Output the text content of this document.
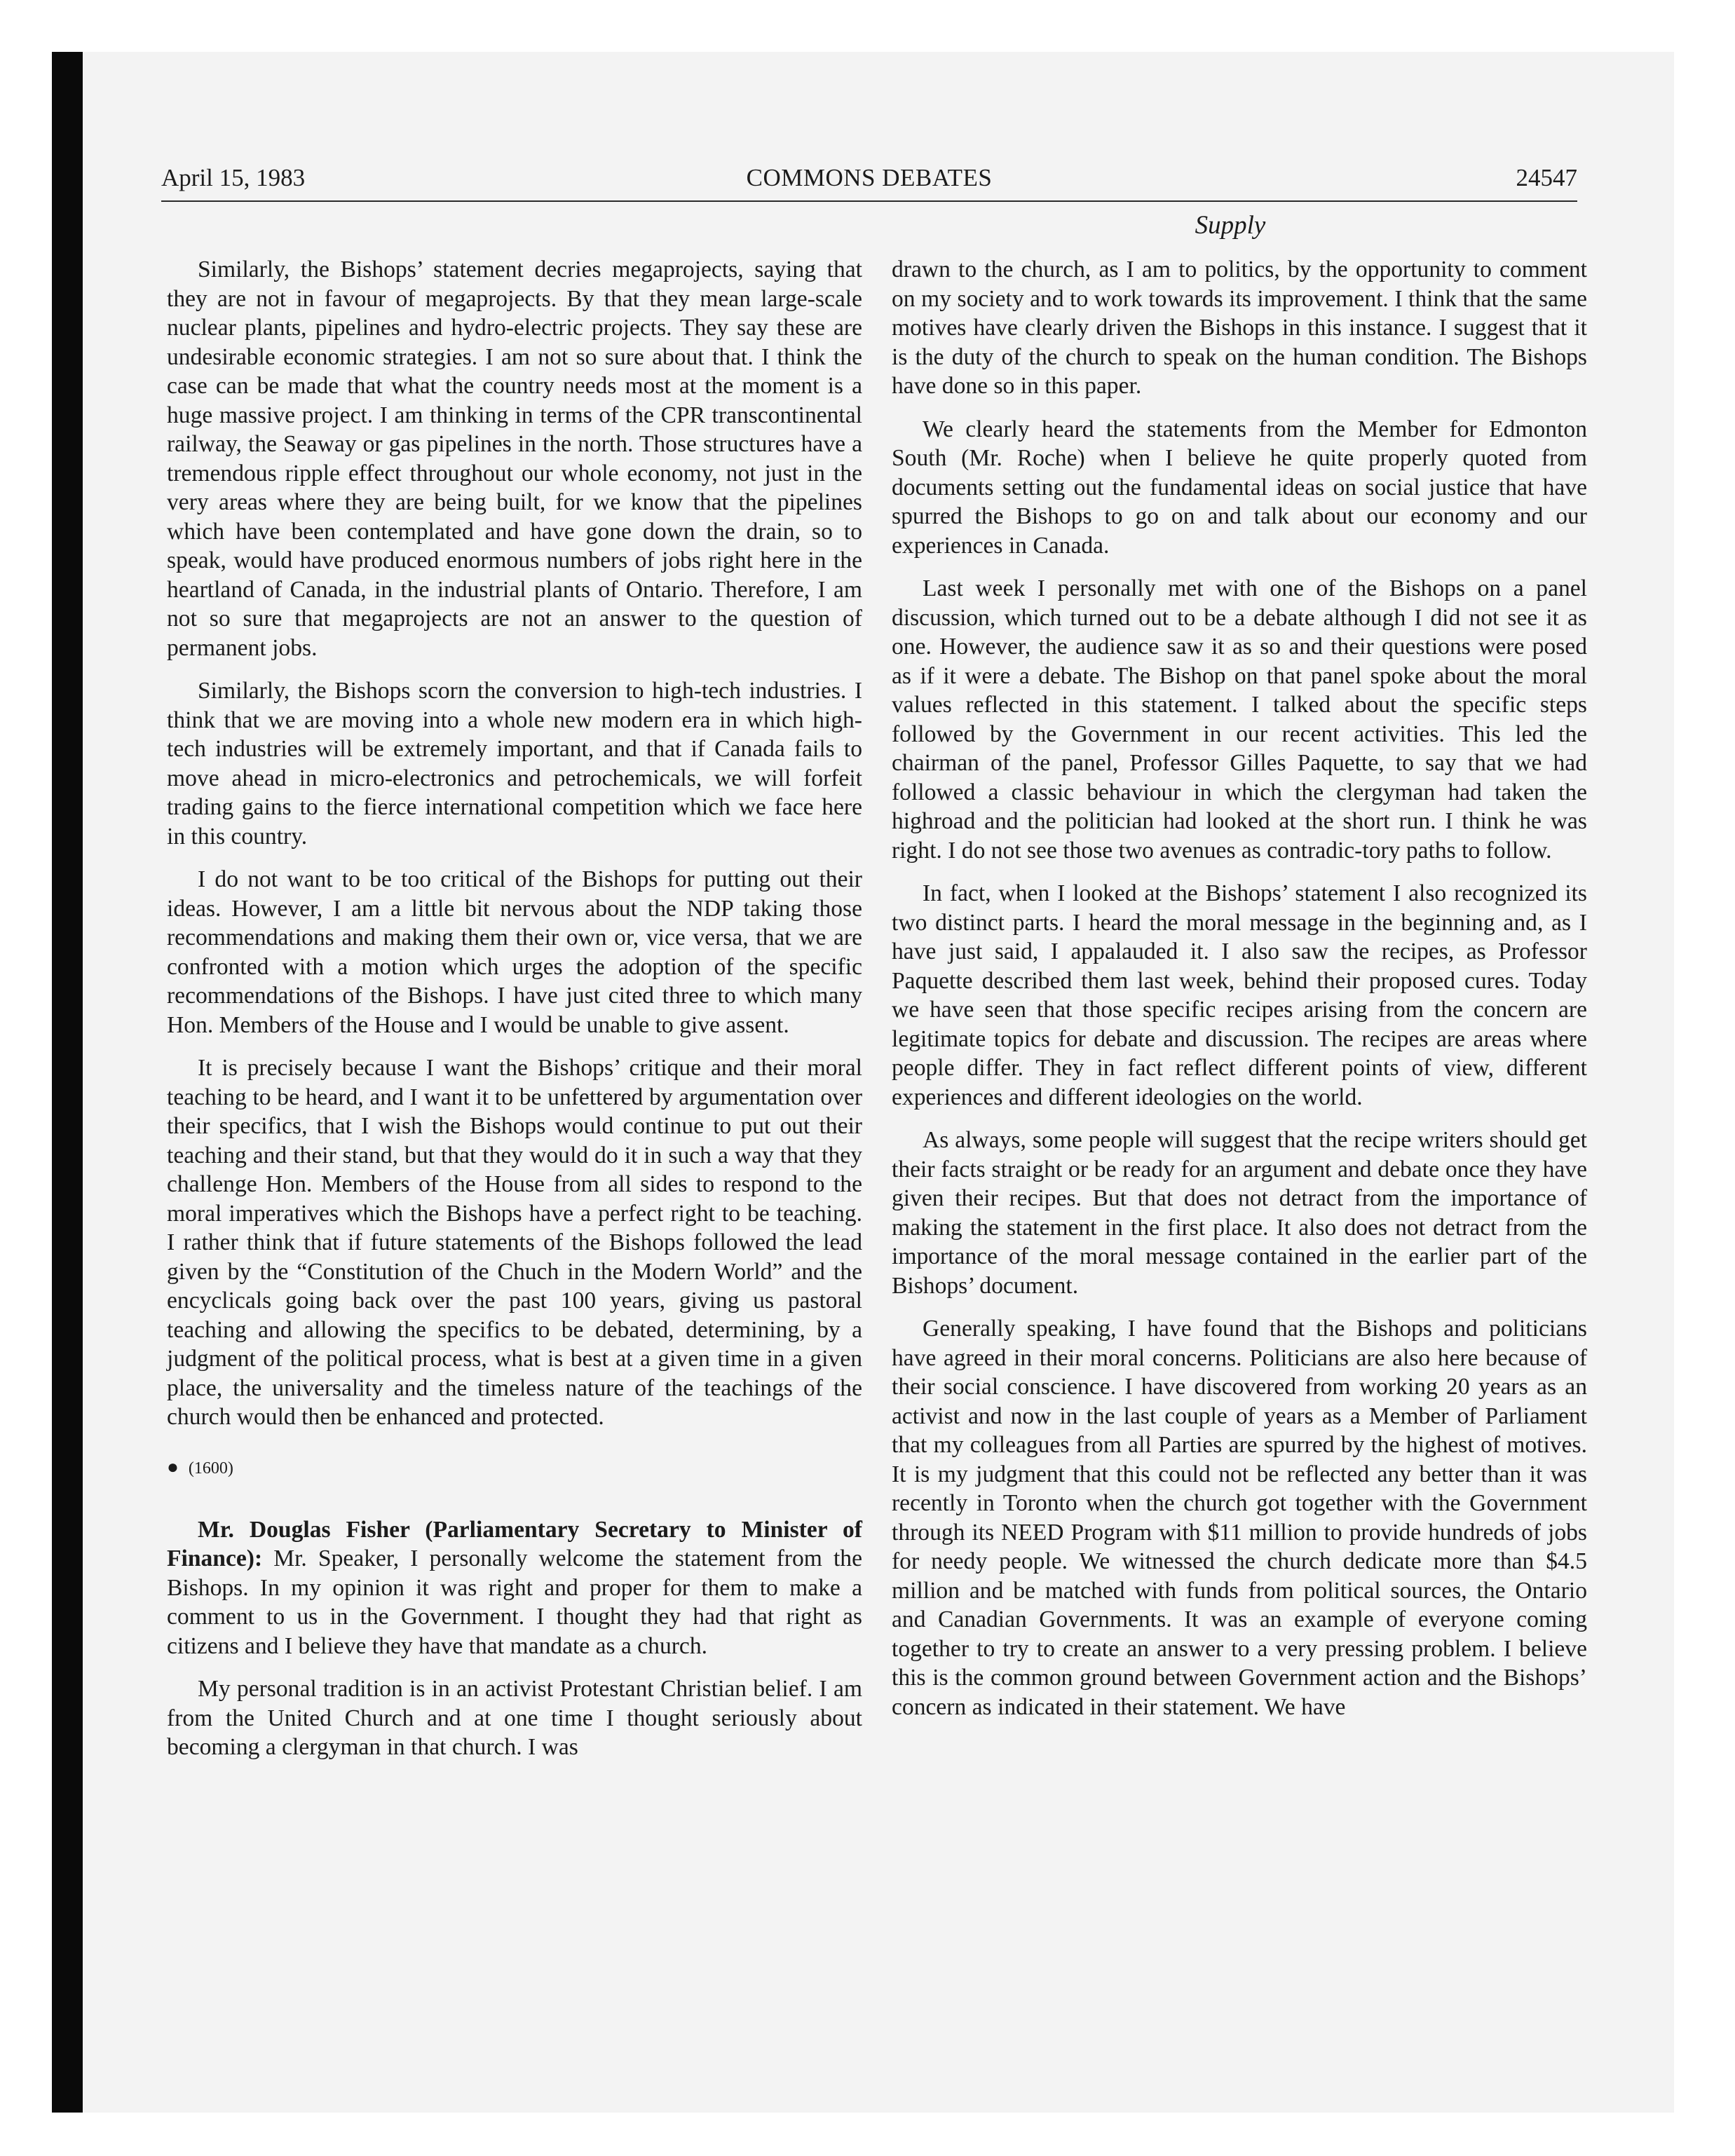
April 15, 1983	COMMONS DEBATES	24547
Supply

Similarly, the Bishops’ statement decries megaprojects, saying that they are not in favour of megaprojects. By that they mean large-scale nuclear plants, pipelines and hydro-electric projects. They say these are undesirable economic strategies. I am not so sure about that. I think the case can be made that what the country needs most at the moment is a huge massive project. I am thinking in terms of the CPR transcontinental railway, the Seaway or gas pipelines in the north. Those structures have a tremendous ripple effect throughout our whole economy, not just in the very areas where they are being built, for we know that the pipelines which have been contemplated and have gone down the drain, so to speak, would have produced enormous numbers of jobs right here in the heartland of Canada, in the industrial plants of Ontario. Therefore, I am not so sure that megaprojects are not an answer to the question of permanent jobs.

Similarly, the Bishops scorn the conversion to high-tech industries. I think that we are moving into a whole new modern era in which high-tech industries will be extremely important, and that if Canada fails to move ahead in micro-electronics and petrochemicals, we will forfeit trading gains to the fierce international competition which we face here in this country.

I do not want to be too critical of the Bishops for putting out their ideas. However, I am a little bit nervous about the NDP taking those recommendations and making them their own or, vice versa, that we are confronted with a motion which urges the adoption of the specific recommendations of the Bishops. I have just cited three to which many Hon. Members of the House and I would be unable to give assent.

It is precisely because I want the Bishops’ critique and their moral teaching to be heard, and I want it to be unfettered by argumentation over their specifics, that I wish the Bishops would continue to put out their teaching and their stand, but that they would do it in such a way that they challenge Hon. Members of the House from all sides to respond to the moral imperatives which the Bishops have a perfect right to be teaching. I rather think that if future statements of the Bishops followed the lead given by the “Constitution of the Chuch in the Modern World” and the encyclicals going back over the past 100 years, giving us pastoral teaching and allowing the specifics to be debated, determining, by a judgment of the political process, what is best at a given time in a given place, the universality and the timeless nature of the teachings of the church would then be enhanced and protected.

● (1600)

Mr. Douglas Fisher (Parliamentary Secretary to Minister of Finance): Mr. Speaker, I personally welcome the statement from the Bishops. In my opinion it was right and proper for them to make a comment to us in the Government. I thought they had that right as citizens and I believe they have that mandate as a church.

My personal tradition is in an activist Protestant Christian belief. I am from the United Church and at one time I thought seriously about becoming a clergyman in that church. I was

drawn to the church, as I am to politics, by the opportunity to comment on my society and to work towards its improvement. I think that the same motives have clearly driven the Bishops in this instance. I suggest that it is the duty of the church to speak on the human condition. The Bishops have done so in this paper.

We clearly heard the statements from the Member for Edmonton South (Mr. Roche) when I believe he quite properly quoted from documents setting out the fundamental ideas on social justice that have spurred the Bishops to go on and talk about our economy and our experiences in Canada.

Last week I personally met with one of the Bishops on a panel discussion, which turned out to be a debate although I did not see it as one. However, the audience saw it as so and their questions were posed as if it were a debate. The Bishop on that panel spoke about the moral values reflected in this statement. I talked about the specific steps followed by the Government in our recent activities. This led the chairman of the panel, Professor Gilles Paquette, to say that we had followed a classic behaviour in which the clergyman had taken the highroad and the politician had looked at the short run. I think he was right. I do not see those two avenues as contradic-tory paths to follow.

In fact, when I looked at the Bishops’ statement I also recognized its two distinct parts. I heard the moral message in the beginning and, as I have just said, I appalauded it. I also saw the recipes, as Professor Paquette described them last week, behind their proposed cures. Today we have seen that those specific recipes arising from the concern are legitimate topics for debate and discussion. The recipes are areas where people differ. They in fact reflect different points of view, different experiences and different ideologies on the world.

As always, some people will suggest that the recipe writers should get their facts straight or be ready for an argument and debate once they have given their recipes. But that does not detract from the importance of making the statement in the first place. It also does not detract from the importance of the moral message contained in the earlier part of the Bishops’ document.

Generally speaking, I have found that the Bishops and politicians have agreed in their moral concerns. Politicians are also here because of their social conscience. I have discovered from working 20 years as an activist and now in the last couple of years as a Member of Parliament that my colleagues from all Parties are spurred by the highest of motives. It is my judgment that this could not be reflected any better than it was recently in Toronto when the church got together with the Government through its NEED Program with $11 million to provide hundreds of jobs for needy people. We witnessed the church dedicate more than $4.5 million and be matched with funds from political sources, the Ontario and Canadian Governments. It was an example of everyone coming together to try to create an answer to a very pressing problem. I believe this is the common ground between Government action and the Bishops’ concern as indicated in their statement. We have
